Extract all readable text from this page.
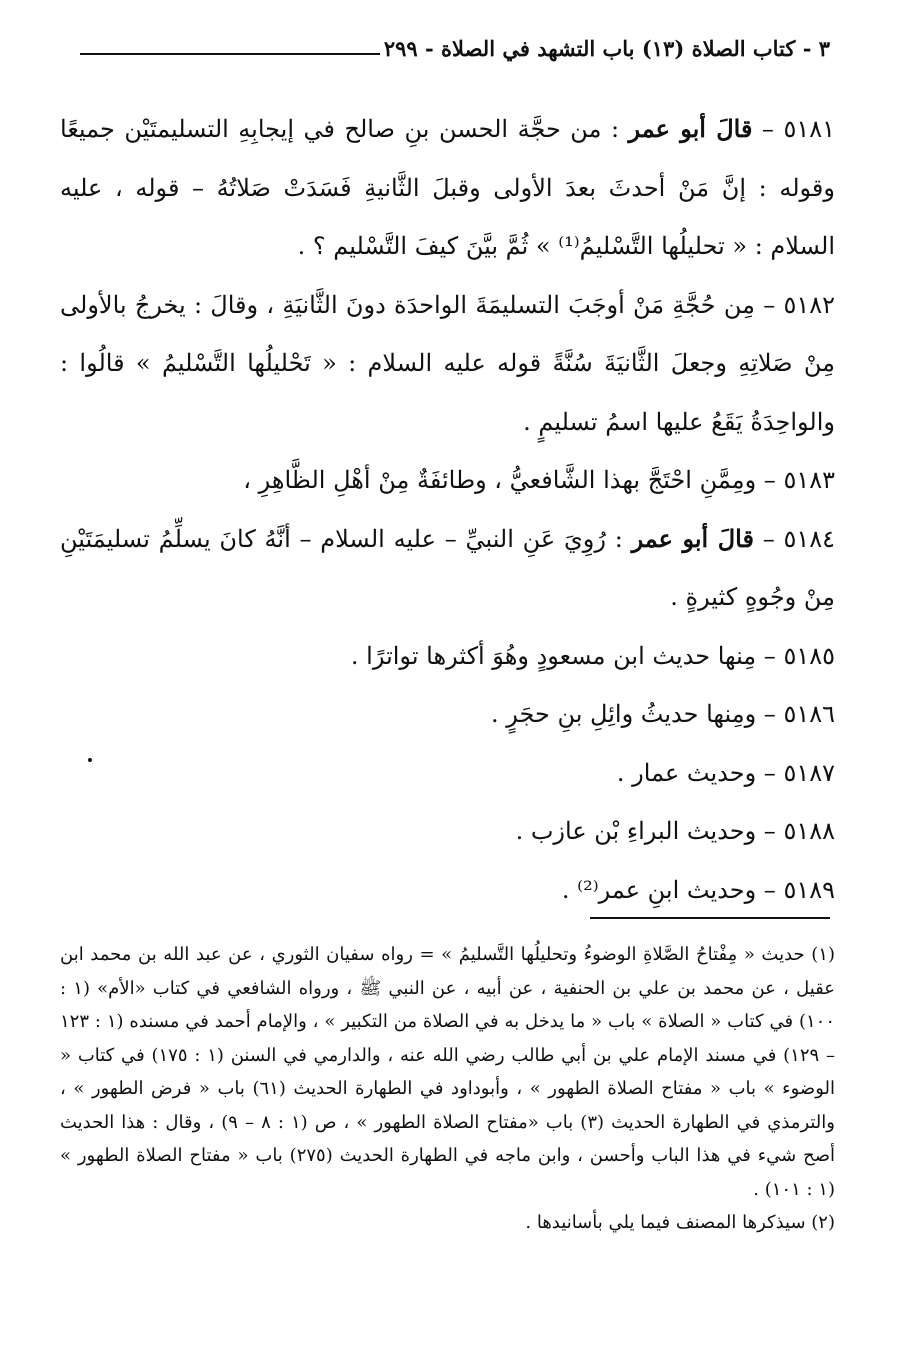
٣ - كتاب الصلاة (١٣) باب التشهد في الصلاة - ٢٩٩

٥١٨١ – قالَ أبو عمر : من حجَّة الحسن بنِ صالح في إيجابِهِ التسليمتَيْن جميعًا وقوله : إنَّ مَنْ أحدثَ بعدَ الأولى وقبلَ الثَّانيةِ فَسَدَتْ صَلاتُهُ – قوله ، عليه السلام : « تحليلُها التَّسْليمُ⁽¹⁾ » ثُمَّ بيَّنَ كيفَ التَّسْليم ؟ .

٥١٨٢ – مِن حُجَّةِ مَنْ أوجَبَ التسليمَةَ الواحدَة دونَ الثَّانيَةِ ، وقالَ : يخرجُ بالأولى مِنْ صَلاتِهِ وجعلَ الثَّانيَةَ سُنَّةً قوله عليه السلام : « تَحْليلُها التَّسْليمُ » قالُوا : والواحِدَةُ يَقَعُ عليها اسمُ تسليمٍ .

٥١٨٣ – ومِمَّنِ احْتَجَّ بهذا الشَّافعيُّ ، وطائفَةٌ مِنْ أهْلِ الظَّاهِرِ ،

٥١٨٤ – قالَ أبو عمر : رُوِيَ عَنِ النبيِّ – عليه السلام – أنَّهُ كانَ يسلِّمُ تسليمَتَيْنِ مِنْ وجُوهٍ كثيرةٍ .

٥١٨٥ – مِنها حديث ابن مسعودٍ وهُوَ أكثرها تواترًا .

٥١٨٦ – ومِنها حديثُ وائِلِ بنِ حجَرٍ .

٥١٨٧ – وحديث عمار .

٥١٨٨ – وحديث البراءِ بْن عازب .

٥١٨٩ – وحديث ابنِ عمر⁽²⁾ .

(١) حديث « مِفْتاحُ الصَّلاةِ الوضوءُ وتحليلُها التَّسليمُ » = رواه سفيان الثوري ، عن عبد الله بن محمد ابن عقيل ، عن محمد بن علي بن الحنفية ، عن أبيه ، عن النبي ﷺ ، ورواه الشافعي في كتاب «الأم» (١ : ١٠٠) في كتاب « الصلاة » باب « ما يدخل به في الصلاة من التكبير » ، والإمام أحمد في مسنده (١ : ١٢٣ – ١٢٩) في مسند الإمام علي بن أبي طالب رضي الله عنه ، والدارمي في السنن (١ : ١٧٥) في كتاب « الوضوء » باب « مفتاح الصلاة الطهور » ، وأبوداود في الطهارة الحديث (٦١) باب « فرض الطهور » ، والترمذي في الطهارة الحديث (٣) باب «مفتاح الصلاة الطهور » ، ص (١ : ٨ – ٩) ، وقال : هذا الحديث أصح شيء في هذا الباب وأحسن ، وابن ماجه في الطهارة الحديث (٢٧٥) باب « مفتاح الصلاة الطهور » (١ : ١٠١) .

(٢) سيذكرها المصنف فيما يلي بأسانيدها .
